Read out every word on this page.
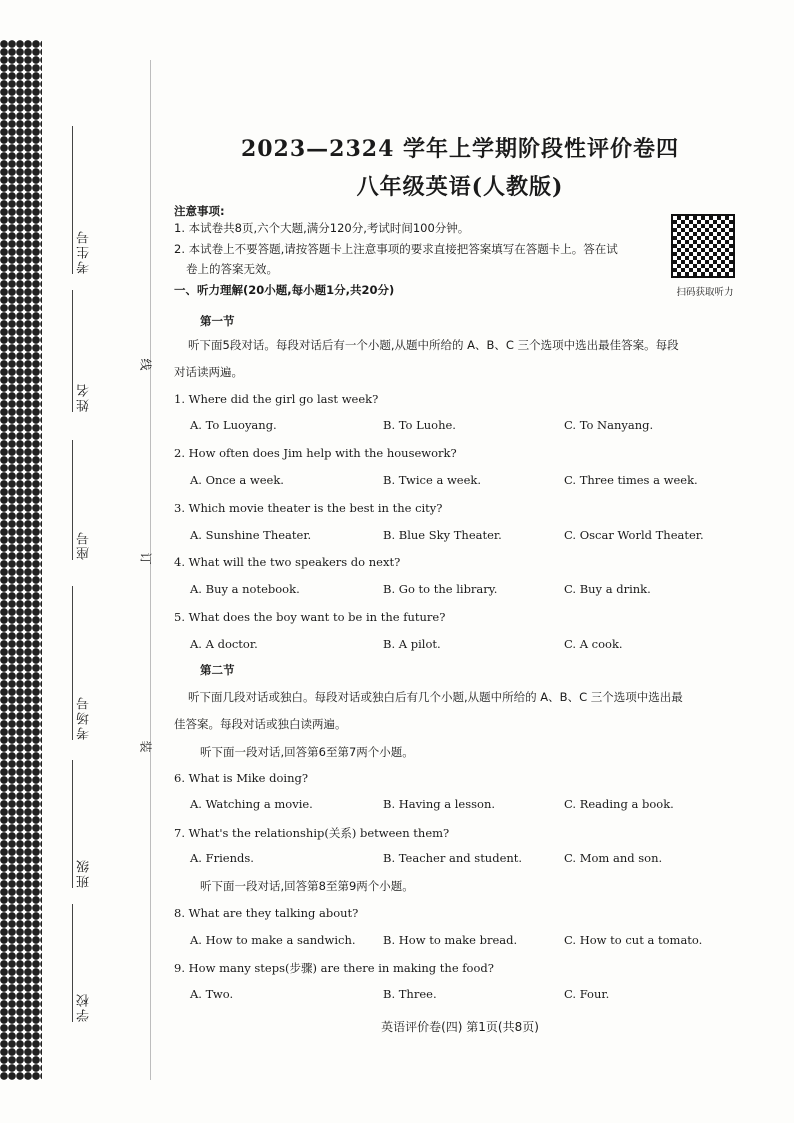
考生号
姓名
座号
考场号
班级
学校
线
订
装
2023—2324 学年上学期阶段性评价卷四
八年级英语(人教版)
注意事项:
1. 本试卷共8页,六个大题,满分120分,考试时间100分钟。
2. 本试卷上不要答题,请按答题卡上注意事项的要求直接把答案填写在答题卡上。答在试
卷上的答案无效。
扫码获取听力
一、听力理解(20小题,每小题1分,共20分)
第一节
听下面5段对话。每段对话后有一个小题,从题中所给的 A、B、C 三个选项中选出最佳答案。每段
对话读两遍。
1. Where did the girl go last week?
A. To Luoyang.	B. To Luohe.	C. To Nanyang.
2. How often does Jim help with the housework?
A. Once a week.	B. Twice a week.	C. Three times a week.
3. Which movie theater is the best in the city?
A. Sunshine Theater.	B. Blue Sky Theater.	C. Oscar World Theater.
4. What will the two speakers do next?
A. Buy a notebook.	B. Go to the library.	C. Buy a drink.
5. What does the boy want to be in the future?
A. A doctor.	B. A pilot.	C. A cook.
第二节
听下面几段对话或独白。每段对话或独白后有几个小题,从题中所给的 A、B、C 三个选项中选出最
佳答案。每段对话或独白读两遍。
听下面一段对话,回答第6至第7两个小题。
6. What is Mike doing?
A. Watching a movie.	B. Having a lesson.	C. Reading a book.
7. What's the relationship(关系) between them?
A. Friends.	B. Teacher and student.	C. Mom and son.
听下面一段对话,回答第8至第9两个小题。
8. What are they talking about?
A. How to make a sandwich. B. How to make bread.	C. How to cut a tomato.
9. How many steps(步骤) are there in making the food?
A. Two.	B. Three.	C. Four.
英语评价卷(四) 第1页(共8页)
